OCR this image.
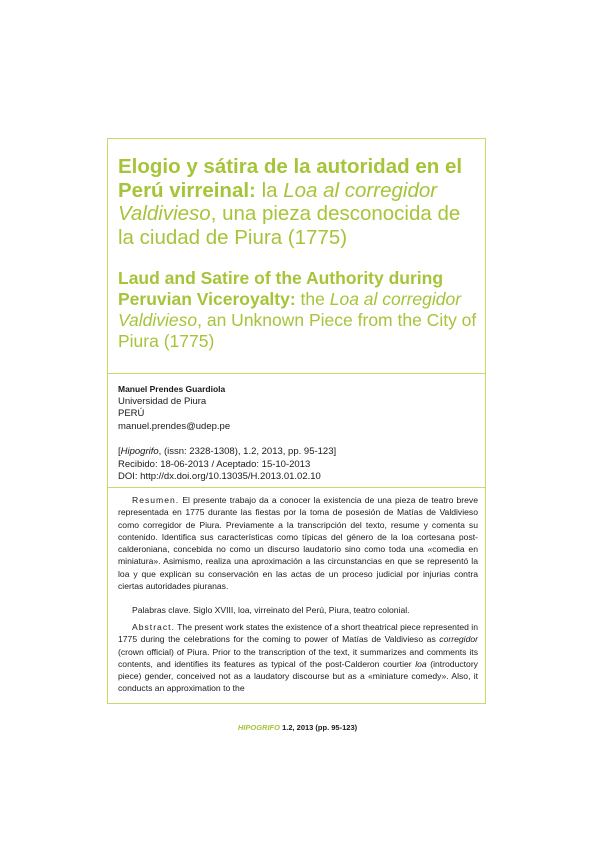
Elogio y sátira de la autoridad en el Perú virreinal: la Loa al corregidor Valdivieso, una pieza desconocida de la ciudad de Piura (1775)
Laud and Satire of the Authority during Peruvian Viceroyalty: the Loa al corregidor Valdivieso, an Unknown Piece from the City of Piura (1775)
Manuel Prendes Guardiola
Universidad de Piura
PERÚ
manuel.prendes@udep.pe
[Hipogrifo, (issn: 2328-1308), 1.2, 2013, pp. 95-123]
Recibido: 18-06-2013 / Aceptado: 15-10-2013
DOI: http://dx.doi.org/10.13035/H.2013.01.02.10

Resumen. El presente trabajo da a conocer la existencia de una pieza de teatro breve representada en 1775 durante las fiestas por la toma de posesión de Matías de Valdivieso como corregidor de Piura. Previamente a la transcripción del texto, resume y comenta su contenido. Identifica sus características como típicas del género de la loa cortesana post-calderoniana, concebida no como un discurso laudatorio sino como toda una «comedia en miniatura». Asimismo, realiza una aproximación a las circunstancias en que se representó la loa y que explican su conservación en las actas de un proceso judicial por injurias contra ciertas autoridades piuranas.

Palabras clave. Siglo XVIII, loa, virreinato del Perú, Piura, teatro colonial.

Abstract. The present work states the existence of a short theatrical piece represented in 1775 during the celebrations for the coming to power of Matías de Valdivieso as corregidor (crown official) of Piura. Prior to the transcription of the text, it summarizes and comments its contents, and identifies its features as typical of the post-Calderon courtier loa (introductory piece) gender, conceived not as a laudatory discourse but as a «miniature comedy». Also, it conducts an approximation to the

HIPOGRIFO 1.2, 2013 (pp. 95-123)
